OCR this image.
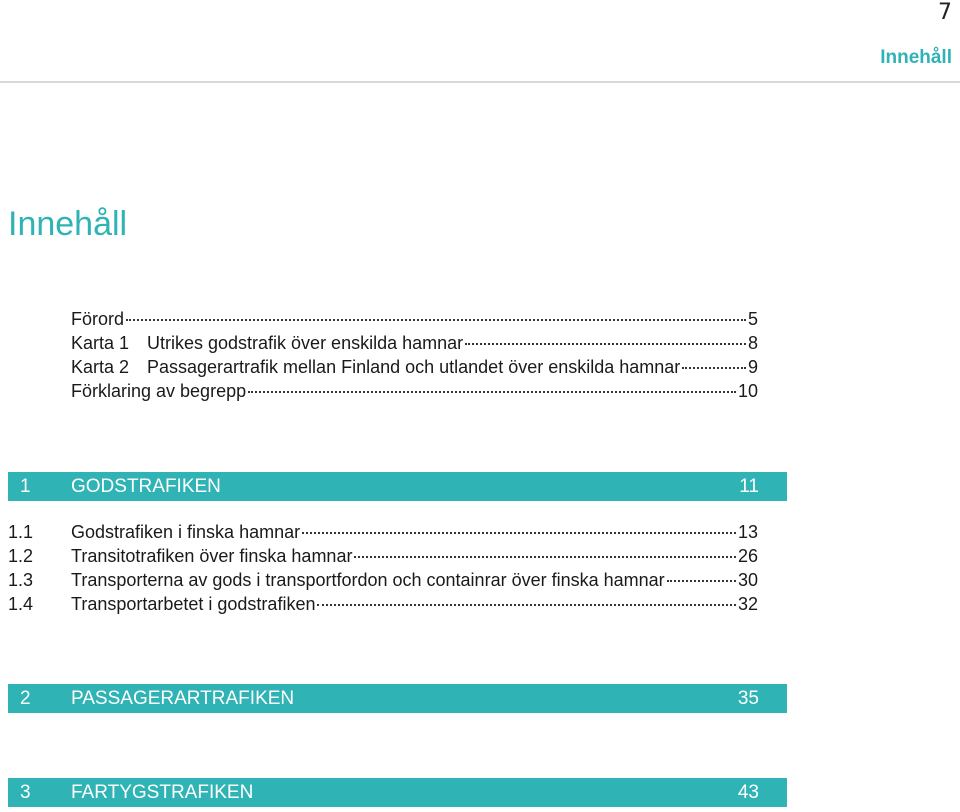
7
Innehåll
Innehåll
Förord	5
Karta 1 Utrikes godstrafik över enskilda hamnar	8
Karta 2 Passagerartrafik mellan Finland och utlandet över enskilda hamnar	9
Förklaring av begrepp	10
1	GODSTRAFIKEN	11
1.1	Godstrafiken i finska hamnar	13
1.2	Transitotrafiken över finska hamnar	26
1.3	Transporterna av gods i transportfordon och containrar över finska hamnar	30
1.4	Transportarbetet i godstrafiken	32
2	PASSAGERARTRAFIKEN	35
3	FARTYGSTRAFIKEN	43
